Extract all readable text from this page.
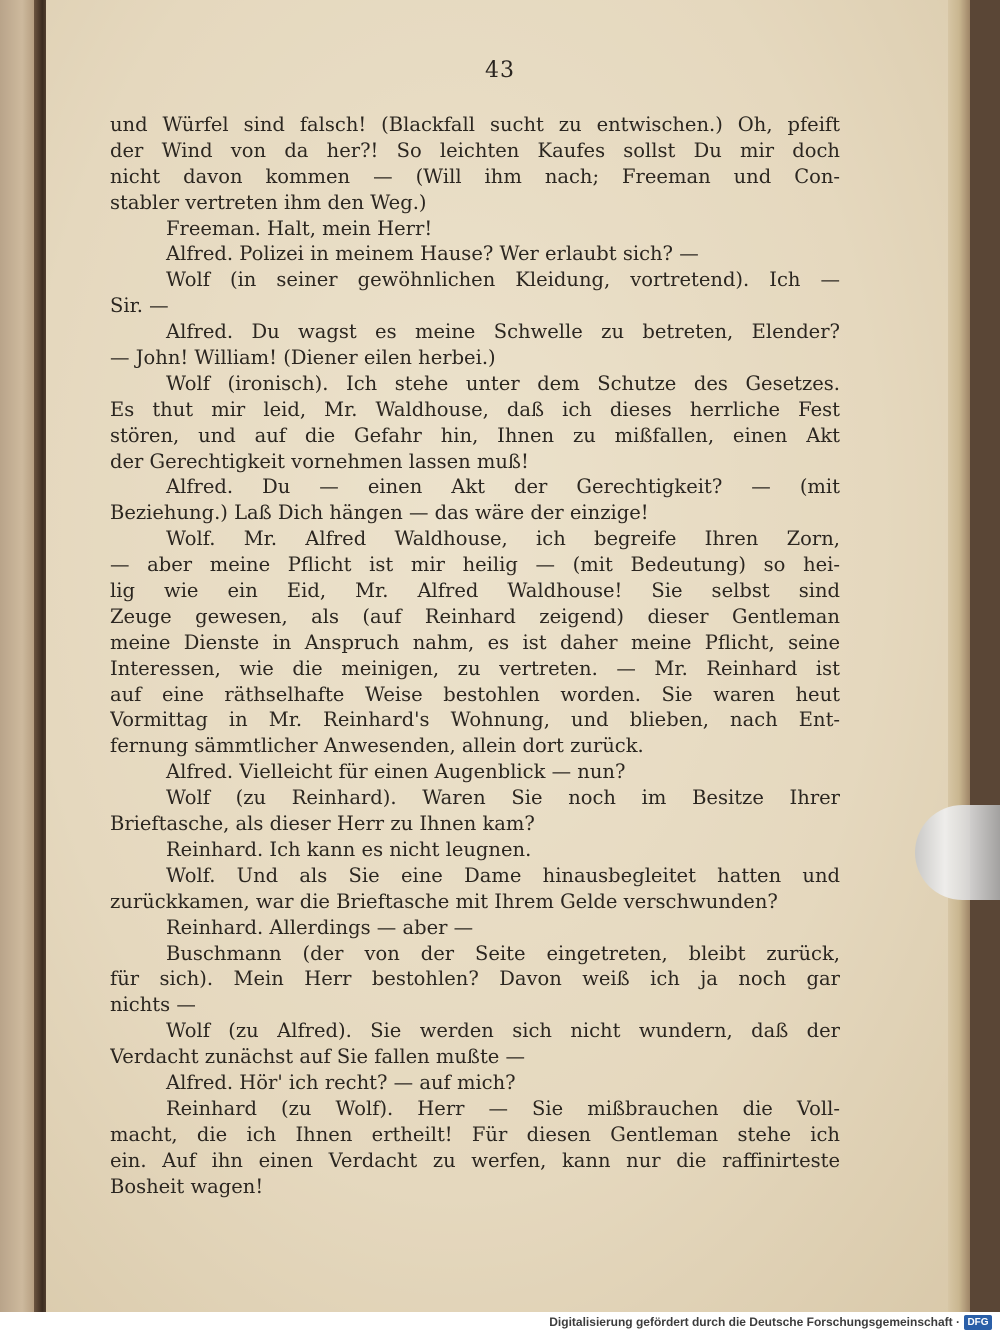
43
und Würfel sind falsch! (Blackfall sucht zu entwischen.) Oh, pfeift
der Wind von da her?! So leichten Kaufes sollst Du mir doch
nicht davon kommen — (Will ihm nach; Freeman und Con-
stabler vertreten ihm den Weg.)
Freeman. Halt, mein Herr!
Alfred. Polizei in meinem Hause? Wer erlaubt sich? —
Wolf (in seiner gewöhnlichen Kleidung, vortretend). Ich —
Sir. —
Alfred. Du wagst es meine Schwelle zu betreten, Elender?
— John! William! (Diener eilen herbei.)
Wolf (ironisch). Ich stehe unter dem Schutze des Gesetzes.
Es thut mir leid, Mr. Waldhouse, daß ich dieses herrliche Fest
stören, und auf die Gefahr hin, Ihnen zu mißfallen, einen Akt
der Gerechtigkeit vornehmen lassen muß!
Alfred. Du — einen Akt der Gerechtigkeit? — (mit
Beziehung.) Laß Dich hängen — das wäre der einzige!
Wolf. Mr. Alfred Waldhouse, ich begreife Ihren Zorn,
— aber meine Pflicht ist mir heilig — (mit Bedeutung) so hei-
lig wie ein Eid, Mr. Alfred Waldhouse! Sie selbst sind
Zeuge gewesen, als (auf Reinhard zeigend) dieser Gentleman
meine Dienste in Anspruch nahm, es ist daher meine Pflicht, seine
Interessen, wie die meinigen, zu vertreten. — Mr. Reinhard ist
auf eine räthselhafte Weise bestohlen worden. Sie waren heut
Vormittag in Mr. Reinhard's Wohnung, und blieben, nach Ent-
fernung sämmtlicher Anwesenden, allein dort zurück.
Alfred. Vielleicht für einen Augenblick — nun?
Wolf (zu Reinhard). Waren Sie noch im Besitze Ihrer
Brieftasche, als dieser Herr zu Ihnen kam?
Reinhard. Ich kann es nicht leugnen.
Wolf. Und als Sie eine Dame hinausbegleitet hatten und
zurückkamen, war die Brieftasche mit Ihrem Gelde verschwunden?
Reinhard. Allerdings — aber —
Buschmann (der von der Seite eingetreten, bleibt zurück,
für sich). Mein Herr bestohlen? Davon weiß ich ja noch gar
nichts —
Wolf (zu Alfred). Sie werden sich nicht wundern, daß der
Verdacht zunächst auf Sie fallen mußte —
Alfred. Hör' ich recht? — auf mich?
Reinhard (zu Wolf). Herr — Sie mißbrauchen die Voll-
macht, die ich Ihnen ertheilt! Für diesen Gentleman stehe ich
ein. Auf ihn einen Verdacht zu werfen, kann nur die raffinirteste
Bosheit wagen!
Digitalisierung gefördert durch die Deutsche Forschungsgemeinschaft · DFG
